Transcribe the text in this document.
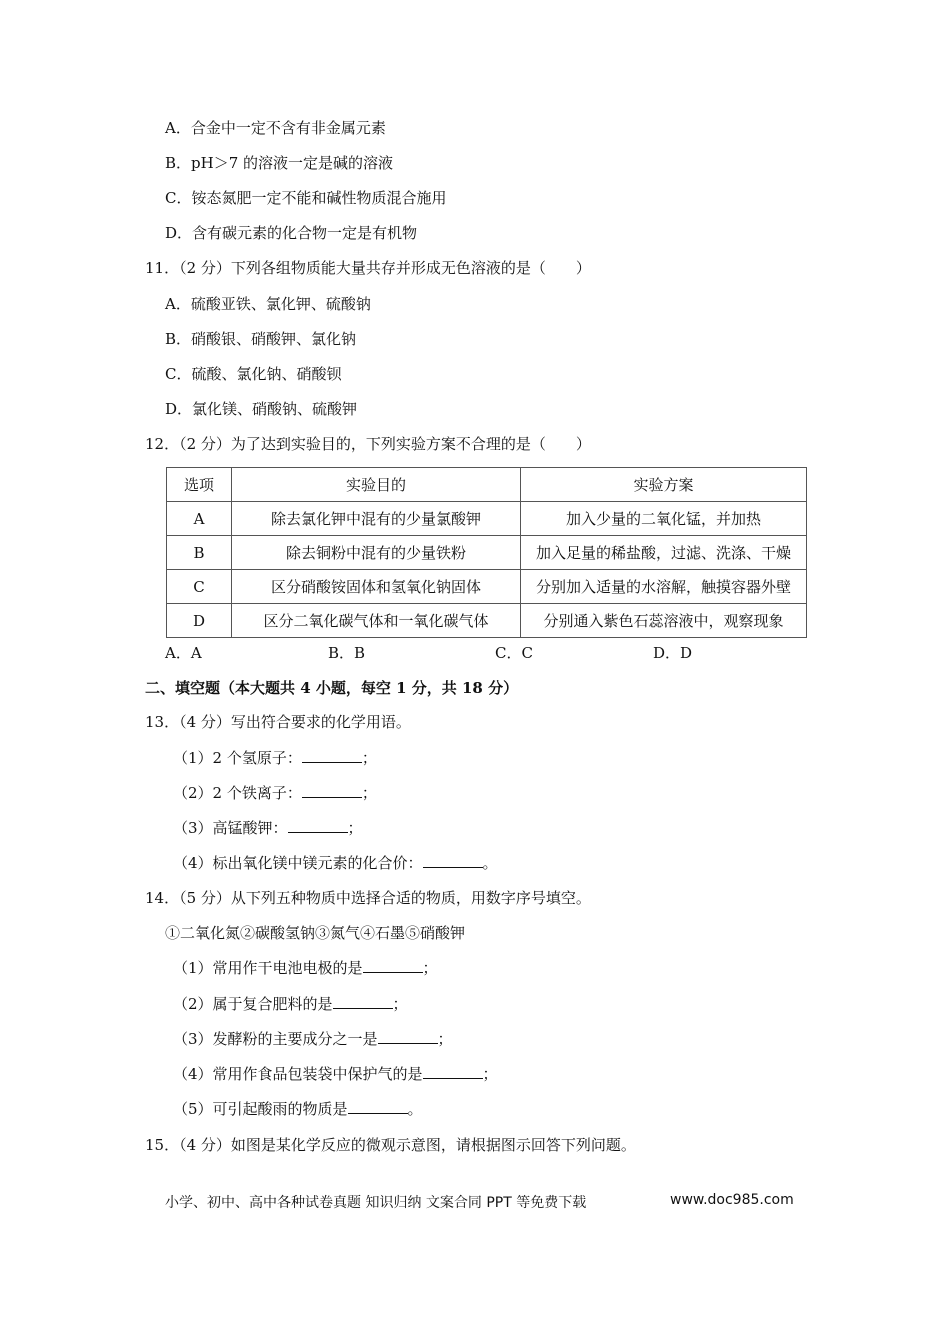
A．合金中一定不含有非金属元素
B．pH＞7 的溶液一定是碱的溶液
C．铵态氮肥一定不能和碱性物质混合施用
D．含有碳元素的化合物一定是有机物
11．（2 分）下列各组物质能大量共存并形成无色溶液的是（　　）
A．硫酸亚铁、氯化钾、硫酸钠
B．硝酸银、硝酸钾、氯化钠
C．硫酸、氯化钠、硝酸钡
D．氯化镁、硝酸钠、硫酸钾
12．（2 分）为了达到实验目的，下列实验方案不合理的是（　　）
选项	实验目的	实验方案
A	除去氯化钾中混有的少量氯酸钾	加入少量的二氧化锰，并加热
B	除去铜粉中混有的少量铁粉	加入足量的稀盐酸，过滤、洗涤、干燥
C	区分硝酸铵固体和氢氧化钠固体	分别加入适量的水溶解，触摸容器外壁
D	区分二氧化碳气体和一氧化碳气体	分别通入紫色石蕊溶液中，观察现象
A．A	B．B	C．C	D．D
二、填空题（本大题共 4 小题，每空 1 分，共 18 分）
13．（4 分）写出符合要求的化学用语。
（1）2 个氢原子：	；
（2）2 个铁离子：	；
（3）高锰酸钾：	；
（4）标出氧化镁中镁元素的化合价：	。
14．（5 分）从下列五种物质中选择合适的物质，用数字序号填空。
①二氧化氮②碳酸氢钠③氮气④石墨⑤硝酸钾
（1）常用作干电池电极的是	；
（2）属于复合肥料的是	；
（3）发酵粉的主要成分之一是	；
（4）常用作食品包装袋中保护气的是	；
（5）可引起酸雨的物质是	。
15．（4 分）如图是某化学反应的微观示意图，请根据图示回答下列问题。
小学、初中、高中各种试卷真题 知识归纳 文案合同 PPT 等免费下载	www.doc985.com
